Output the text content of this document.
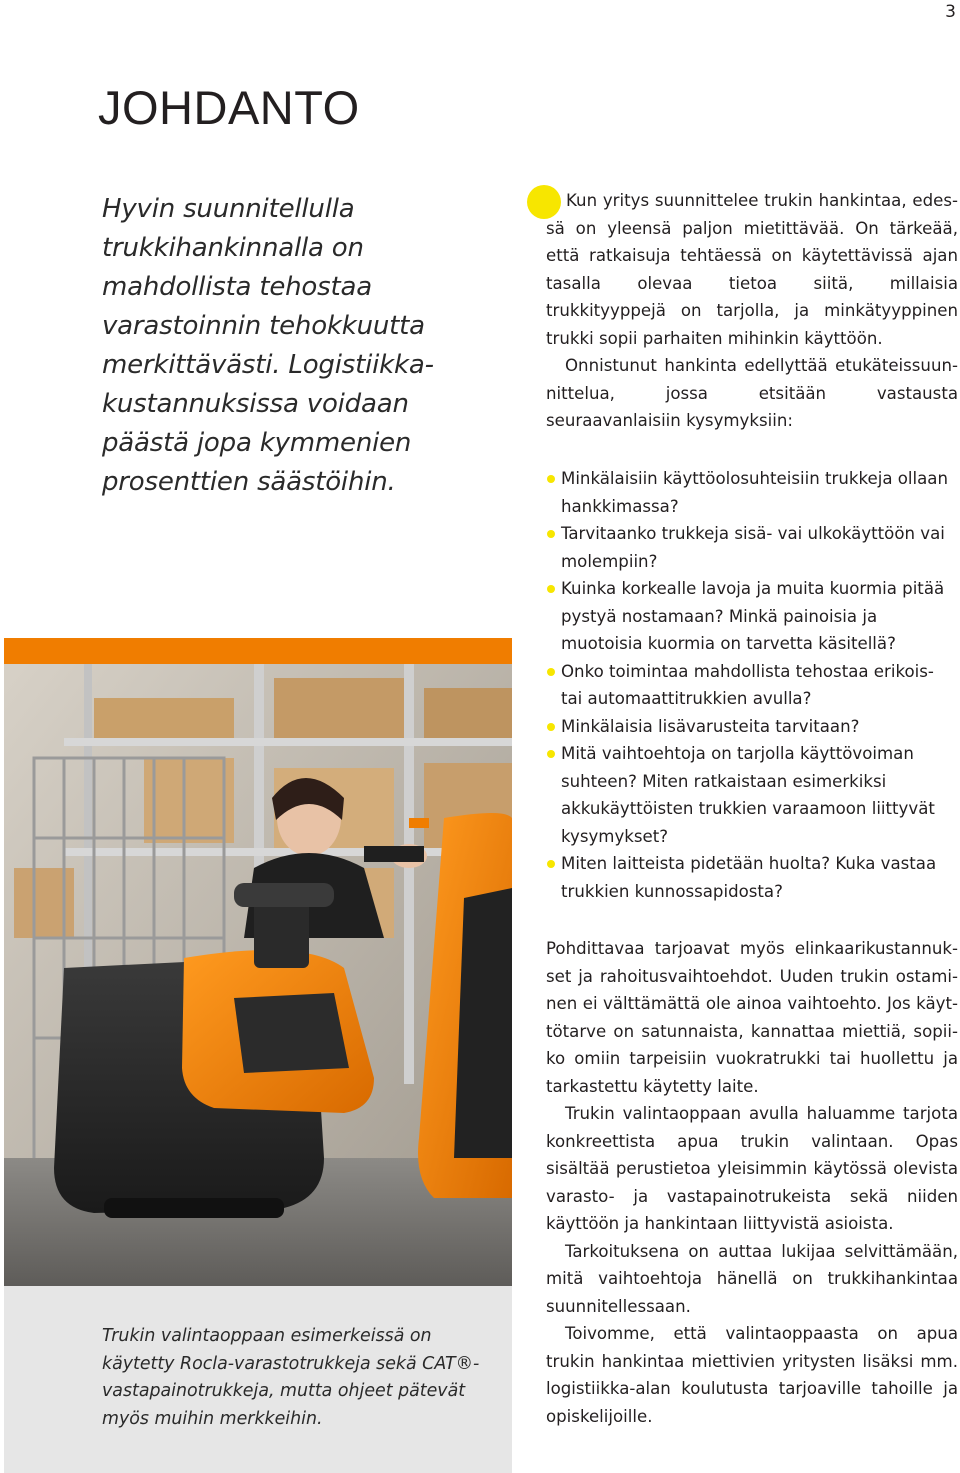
3
JOHDANTO

Hyvin suunnitellulla trukkihankinnalla on mahdollista tehostaa varastoinnin tehokkuutta merkittävästi. Logistiikkakustannuksissa voidaan päästä jopa kymmenien prosenttien säästöihin.

Kun yritys suunnittelee trukin hankintaa, edessä on yleensä paljon mietittävää. On tärkeää, että ratkaisuja tehtäessä on käytettävissä ajan tasalla olevaa tietoa siitä, millaisia trukkityyppejä on tarjolla, ja minkätyyppinen trukki sopii parhaiten mihinkin käyttöön.

Onnistunut hankinta edellyttää etukäteissuunnittelua, jossa etsitään vastausta seuraavanlaisiin kysymyksiin:

Minkälaisiin käyttöolosuhteisiin trukkeja ollaan hankkimassa?
Tarvitaanko trukkeja sisä- vai ulkokäyttöön vai molempiin?
Kuinka korkealle lavoja ja muita kuormia pitää pystyä nostamaan? Minkä painoisia ja muotoisia kuormia on tarvetta käsitellä?
Onko toimintaa mahdollista tehostaa erikois- tai automaattitrukkien avulla?
Minkälaisia lisävarusteita tarvitaan?
Mitä vaihtoehtoja on tarjolla käyttövoiman suhteen? Miten ratkaistaan esimerkiksi akkukäyttöisten trukkien varaamoon liittyvät kysymykset?
Miten laitteista pidetään huolta? Kuka vastaa trukkien kunnossapidosta?

Pohdittavaa tarjoavat myös elinkaarikustannukset ja rahoitusvaihtoehdot. Uuden trukin ostaminen ei välttämättä ole ainoa vaihtoehto. Jos käyttötarve on satunnaista, kannattaa miettiä, sopiiko omiin tarpeisiin vuokratrukki tai huollettu ja tarkastettu käytetty laite.

Trukin valintaoppaan avulla haluamme tarjota konkreettista apua trukin valintaan. Opas sisältää perustietoa yleisimmin käytössä olevista varasto- ja vastapainotrukeista sekä niiden käyttöön ja hankintaan liittyvistä asioista.

Tarkoituksena on auttaa lukijaa selvittämään, mitä vaihtoehtoja hänellä on trukkihankintaa suunnitellessaan.

Toivomme, että valintaoppaasta on apua trukin hankintaa miettivien yritysten lisäksi mm. logistiikka-alan koulutusta tarjoaville tahoille ja opiskelijoille.

Trukin valintaoppaan esimerkeissä on käytetty Rocla-varastotrukkeja sekä CAT®-vastapainotrukkeja, mutta ohjeet pätevät myös muihin merkkeihin.
